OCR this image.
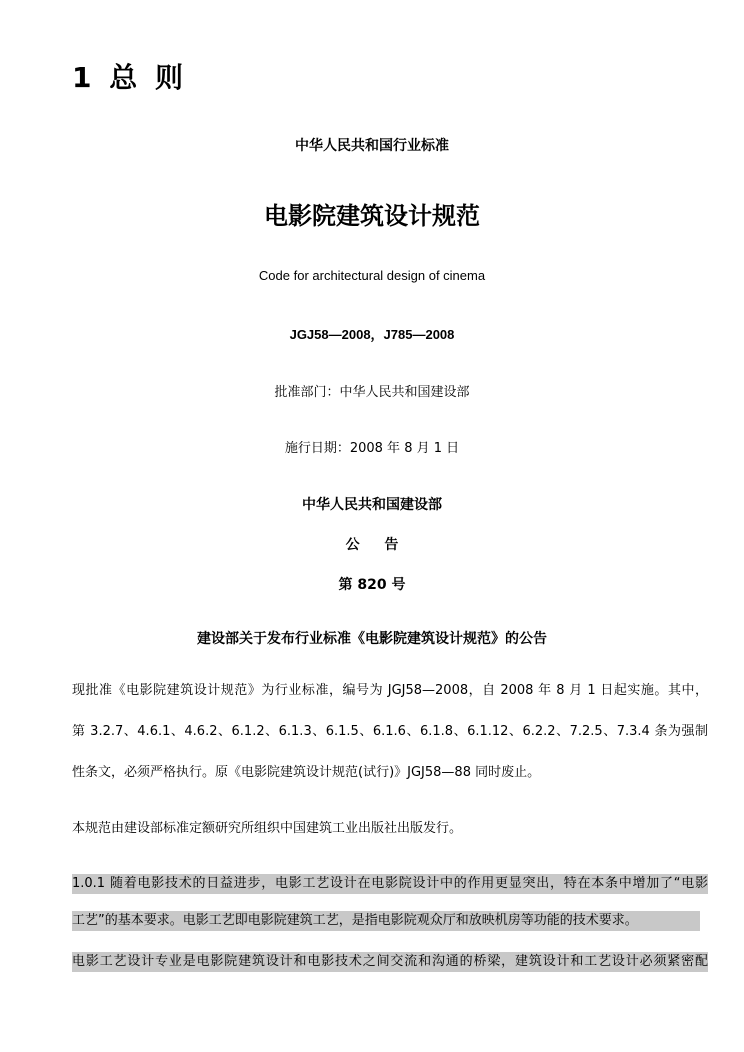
1 总 则
中华人民共和国行业标准
电影院建筑设计规范
Code for architectural design of cinema
JGJ58—2008，J785—2008
批准部门：中华人民共和国建设部
施行日期：2008 年 8 月 1 日
中华人民共和国建设部
公 告
第 820 号
建设部关于发布行业标准《电影院建筑设计规范》的公告
现批准《电影院建筑设计规范》为行业标准，编号为 JGJ58—2008，自 2008 年 8 月 1 日起实施。其中，
第 3.2.7、4.6.1、4.6.2、6.1.2、6.1.3、6.1.5、6.1.6、6.1.8、6.1.12、6.2.2、7.2.5、7.3.4 条为强制
性条文，必须严格执行。原《电影院建筑设计规范(试行)》JGJ58—88 同时废止。
本规范由建设部标准定额研究所组织中国建筑工业出版社出版发行。
1.0.1 随着电影技术的日益进步，电影工艺设计在电影院设计中的作用更显突出，特在本条中增加了“电影
工艺”的基本要求。电影工艺即电影院建筑工艺，是指电影院观众厅和放映机房等功能的技术要求。
电影工艺设计专业是电影院建筑设计和电影技术之间交流和沟通的桥梁，建筑设计和工艺设计必须紧密配
